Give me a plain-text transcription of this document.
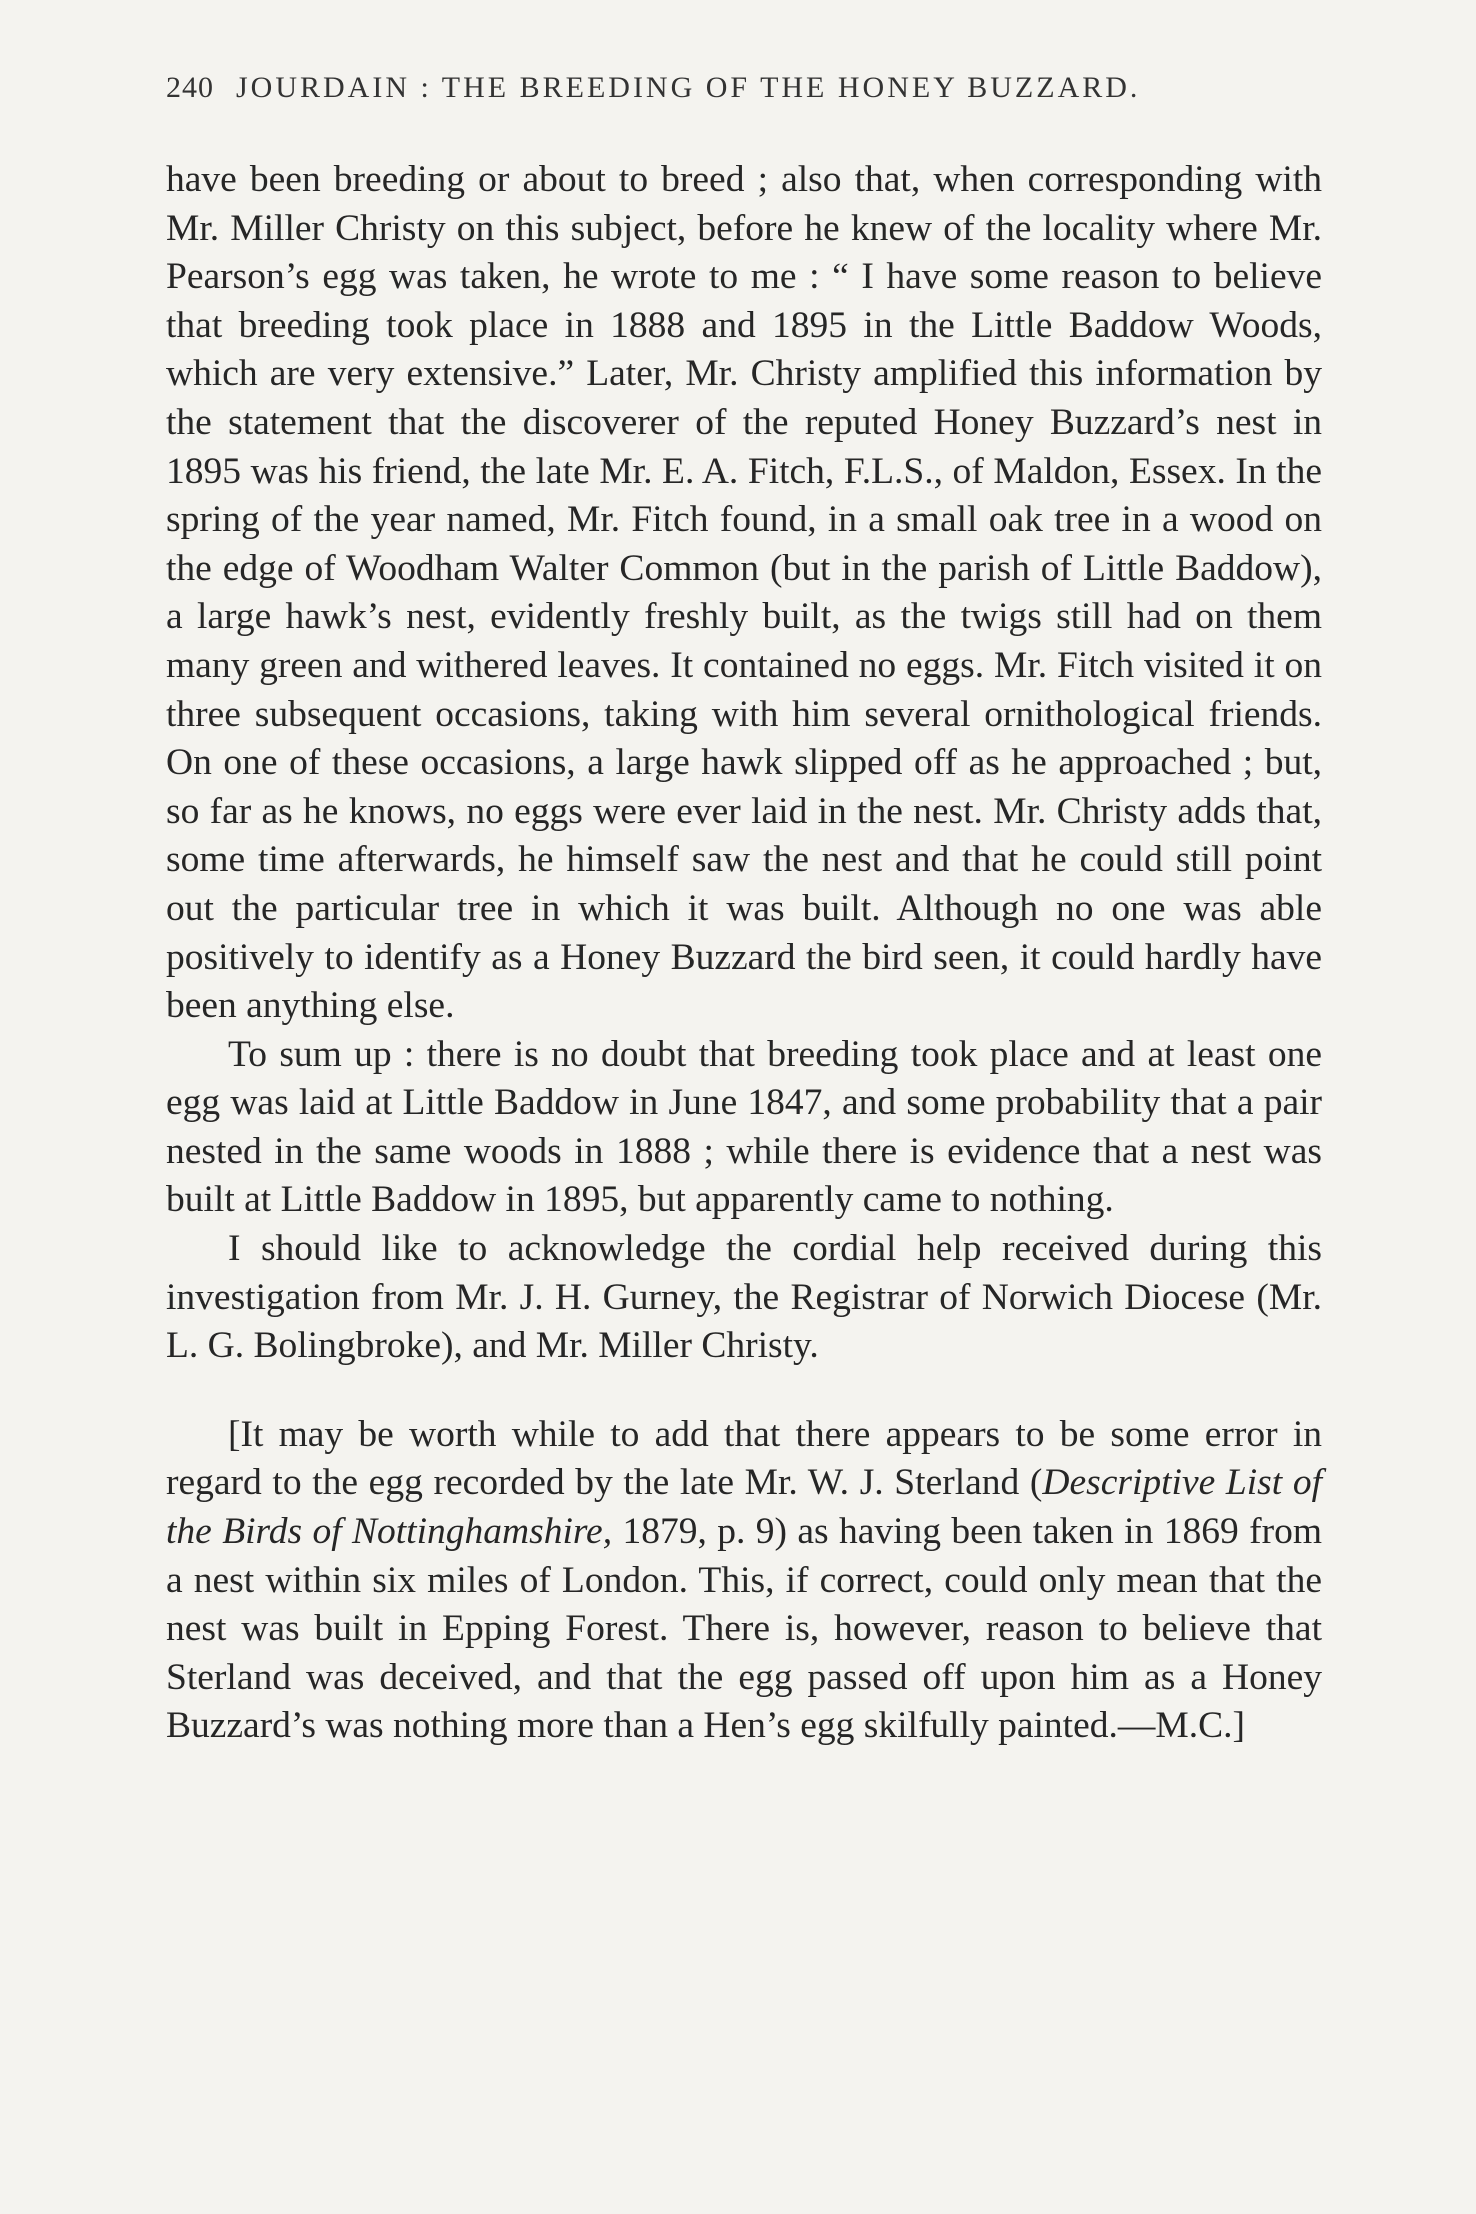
240 JOURDAIN : THE BREEDING OF THE HONEY BUZZARD.

have been breeding or about to breed ; also that, when corresponding with Mr. Miller Christy on this subject, before he knew of the locality where Mr. Pearson’s egg was taken, he wrote to me : “ I have some reason to believe that breeding took place in 1888 and 1895 in the Little Baddow Woods, which are very extensive.” Later, Mr. Christy amplified this information by the statement that the discoverer of the reputed Honey Buzzard’s nest in 1895 was his friend, the late Mr. E. A. Fitch, F.L.S., of Maldon, Essex. In the spring of the year named, Mr. Fitch found, in a small oak tree in a wood on the edge of Woodham Walter Common (but in the parish of Little Baddow), a large hawk’s nest, evidently freshly built, as the twigs still had on them many green and withered leaves. It contained no eggs. Mr. Fitch visited it on three subsequent occasions, taking with him several ornithological friends. On one of these occasions, a large hawk slipped off as he approached ; but, so far as he knows, no eggs were ever laid in the nest. Mr. Christy adds that, some time afterwards, he himself saw the nest and that he could still point out the particular tree in which it was built. Although no one was able positively to identify as a Honey Buzzard the bird seen, it could hardly have been anything else.

To sum up : there is no doubt that breeding took place and at least one egg was laid at Little Baddow in June 1847, and some probability that a pair nested in the same woods in 1888 ; while there is evidence that a nest was built at Little Baddow in 1895, but apparently came to nothing.

I should like to acknowledge the cordial help received during this investigation from Mr. J. H. Gurney, the Registrar of Norwich Diocese (Mr. L. G. Bolingbroke), and Mr. Miller Christy.

[It may be worth while to add that there appears to be some error in regard to the egg recorded by the late Mr. W. J. Sterland (Descriptive List of the Birds of Nottinghamshire, 1879, p. 9) as having been taken in 1869 from a nest within six miles of London. This, if correct, could only mean that the nest was built in Epping Forest. There is, however, reason to believe that Sterland was deceived, and that the egg passed off upon him as a Honey Buzzard’s was nothing more than a Hen’s egg skilfully painted.—M.C.]
